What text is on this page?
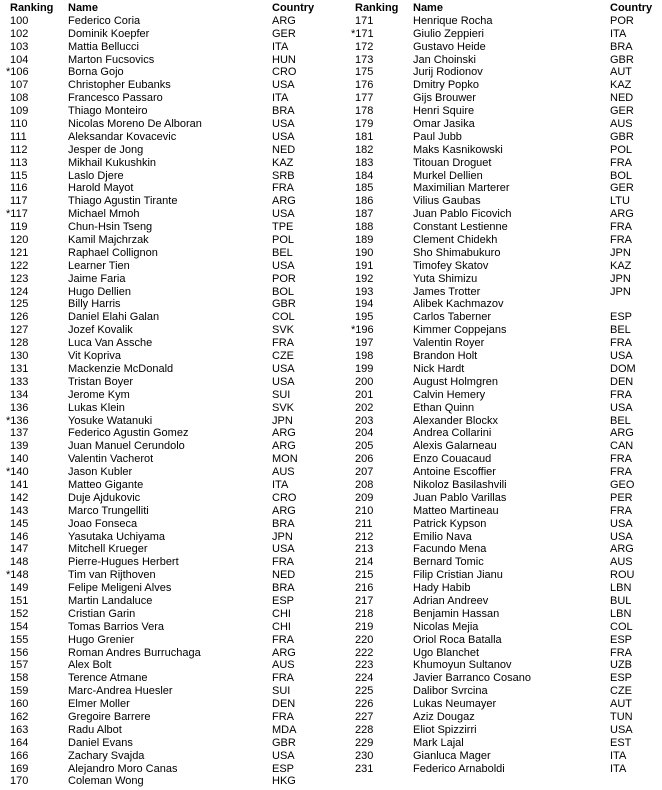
Ranking	Name	Country
100	Federico Coria	ARG
102	Dominik Koepfer	GER
103	Mattia Bellucci	ITA
104	Marton Fucsovics	HUN
*106	Borna Gojo	CRO
107	Christopher Eubanks	USA
108	Francesco Passaro	ITA
109	Thiago Monteiro	BRA
110	Nicolas Moreno De Alboran	USA
111	Aleksandar Kovacevic	USA
112	Jesper de Jong	NED
113	Mikhail Kukushkin	KAZ
115	Laslo Djere	SRB
116	Harold Mayot	FRA
117	Thiago Agustin Tirante	ARG
*117	Michael Mmoh	USA
119	Chun-Hsin Tseng	TPE
120	Kamil Majchrzak	POL
121	Raphael Collignon	BEL
122	Learner Tien	USA
123	Jaime Faria	POR
124	Hugo Dellien	BOL
125	Billy Harris	GBR
126	Daniel Elahi Galan	COL
127	Jozef Kovalik	SVK
128	Luca Van Assche	FRA
130	Vit Kopriva	CZE
131	Mackenzie McDonald	USA
133	Tristan Boyer	USA
134	Jerome Kym	SUI
136	Lukas Klein	SVK
*136	Yosuke Watanuki	JPN
137	Federico Agustin Gomez	ARG
139	Juan Manuel Cerundolo	ARG
140	Valentin Vacherot	MON
*140	Jason Kubler	AUS
141	Matteo Gigante	ITA
142	Duje Ajdukovic	CRO
143	Marco Trungelliti	ARG
145	Joao Fonseca	BRA
146	Yasutaka Uchiyama	JPN
147	Mitchell Krueger	USA
148	Pierre-Hugues Herbert	FRA
*148	Tim van Rijthoven	NED
149	Felipe Meligeni Alves	BRA
151	Martin Landaluce	ESP
152	Cristian Garin	CHI
154	Tomas Barrios Vera	CHI
155	Hugo Grenier	FRA
156	Roman Andres Burruchaga	ARG
157	Alex Bolt	AUS
158	Terence Atmane	FRA
159	Marc-Andrea Huesler	SUI
160	Elmer Moller	DEN
162	Gregoire Barrere	FRA
163	Radu Albot	MDA
164	Daniel Evans	GBR
166	Zachary Svajda	USA
169	Alejandro Moro Canas	ESP
170	Coleman Wong	HKG
Ranking	Name	Country
171	Henrique Rocha	POR
*171	Giulio Zeppieri	ITA
172	Gustavo Heide	BRA
173	Jan Choinski	GBR
175	Jurij Rodionov	AUT
176	Dmitry Popko	KAZ
177	Gijs Brouwer	NED
178	Henri Squire	GER
179	Omar Jasika	AUS
181	Paul Jubb	GBR
182	Maks Kasnikowski	POL
183	Titouan Droguet	FRA
184	Murkel Dellien	BOL
185	Maximilian Marterer	GER
186	Vilius Gaubas	LTU
187	Juan Pablo Ficovich	ARG
188	Constant Lestienne	FRA
189	Clement Chidekh	FRA
190	Sho Shimabukuro	JPN
191	Timofey Skatov	KAZ
192	Yuta Shimizu	JPN
193	James Trotter	JPN
194	Alibek Kachmazov
195	Carlos Taberner	ESP
*196	Kimmer Coppejans	BEL
197	Valentin Royer	FRA
198	Brandon Holt	USA
199	Nick Hardt	DOM
200	August Holmgren	DEN
201	Calvin Hemery	FRA
202	Ethan Quinn	USA
203	Alexander Blockx	BEL
204	Andrea Collarini	ARG
205	Alexis Galarneau	CAN
206	Enzo Couacaud	FRA
207	Antoine Escoffier	FRA
208	Nikoloz Basilashvili	GEO
209	Juan Pablo Varillas	PER
210	Matteo Martineau	FRA
211	Patrick Kypson	USA
212	Emilio Nava	USA
213	Facundo Mena	ARG
214	Bernard Tomic	AUS
215	Filip Cristian Jianu	ROU
216	Hady Habib	LBN
217	Adrian Andreev	BUL
218	Benjamin Hassan	LBN
219	Nicolas Mejia	COL
220	Oriol Roca Batalla	ESP
222	Ugo Blanchet	FRA
223	Khumoyun Sultanov	UZB
224	Javier Barranco Cosano	ESP
225	Dalibor Svrcina	CZE
226	Lukas Neumayer	AUT
227	Aziz Dougaz	TUN
228	Eliot Spizzirri	USA
229	Mark Lajal	EST
230	Gianluca Mager	ITA
231	Federico Arnaboldi	ITA
